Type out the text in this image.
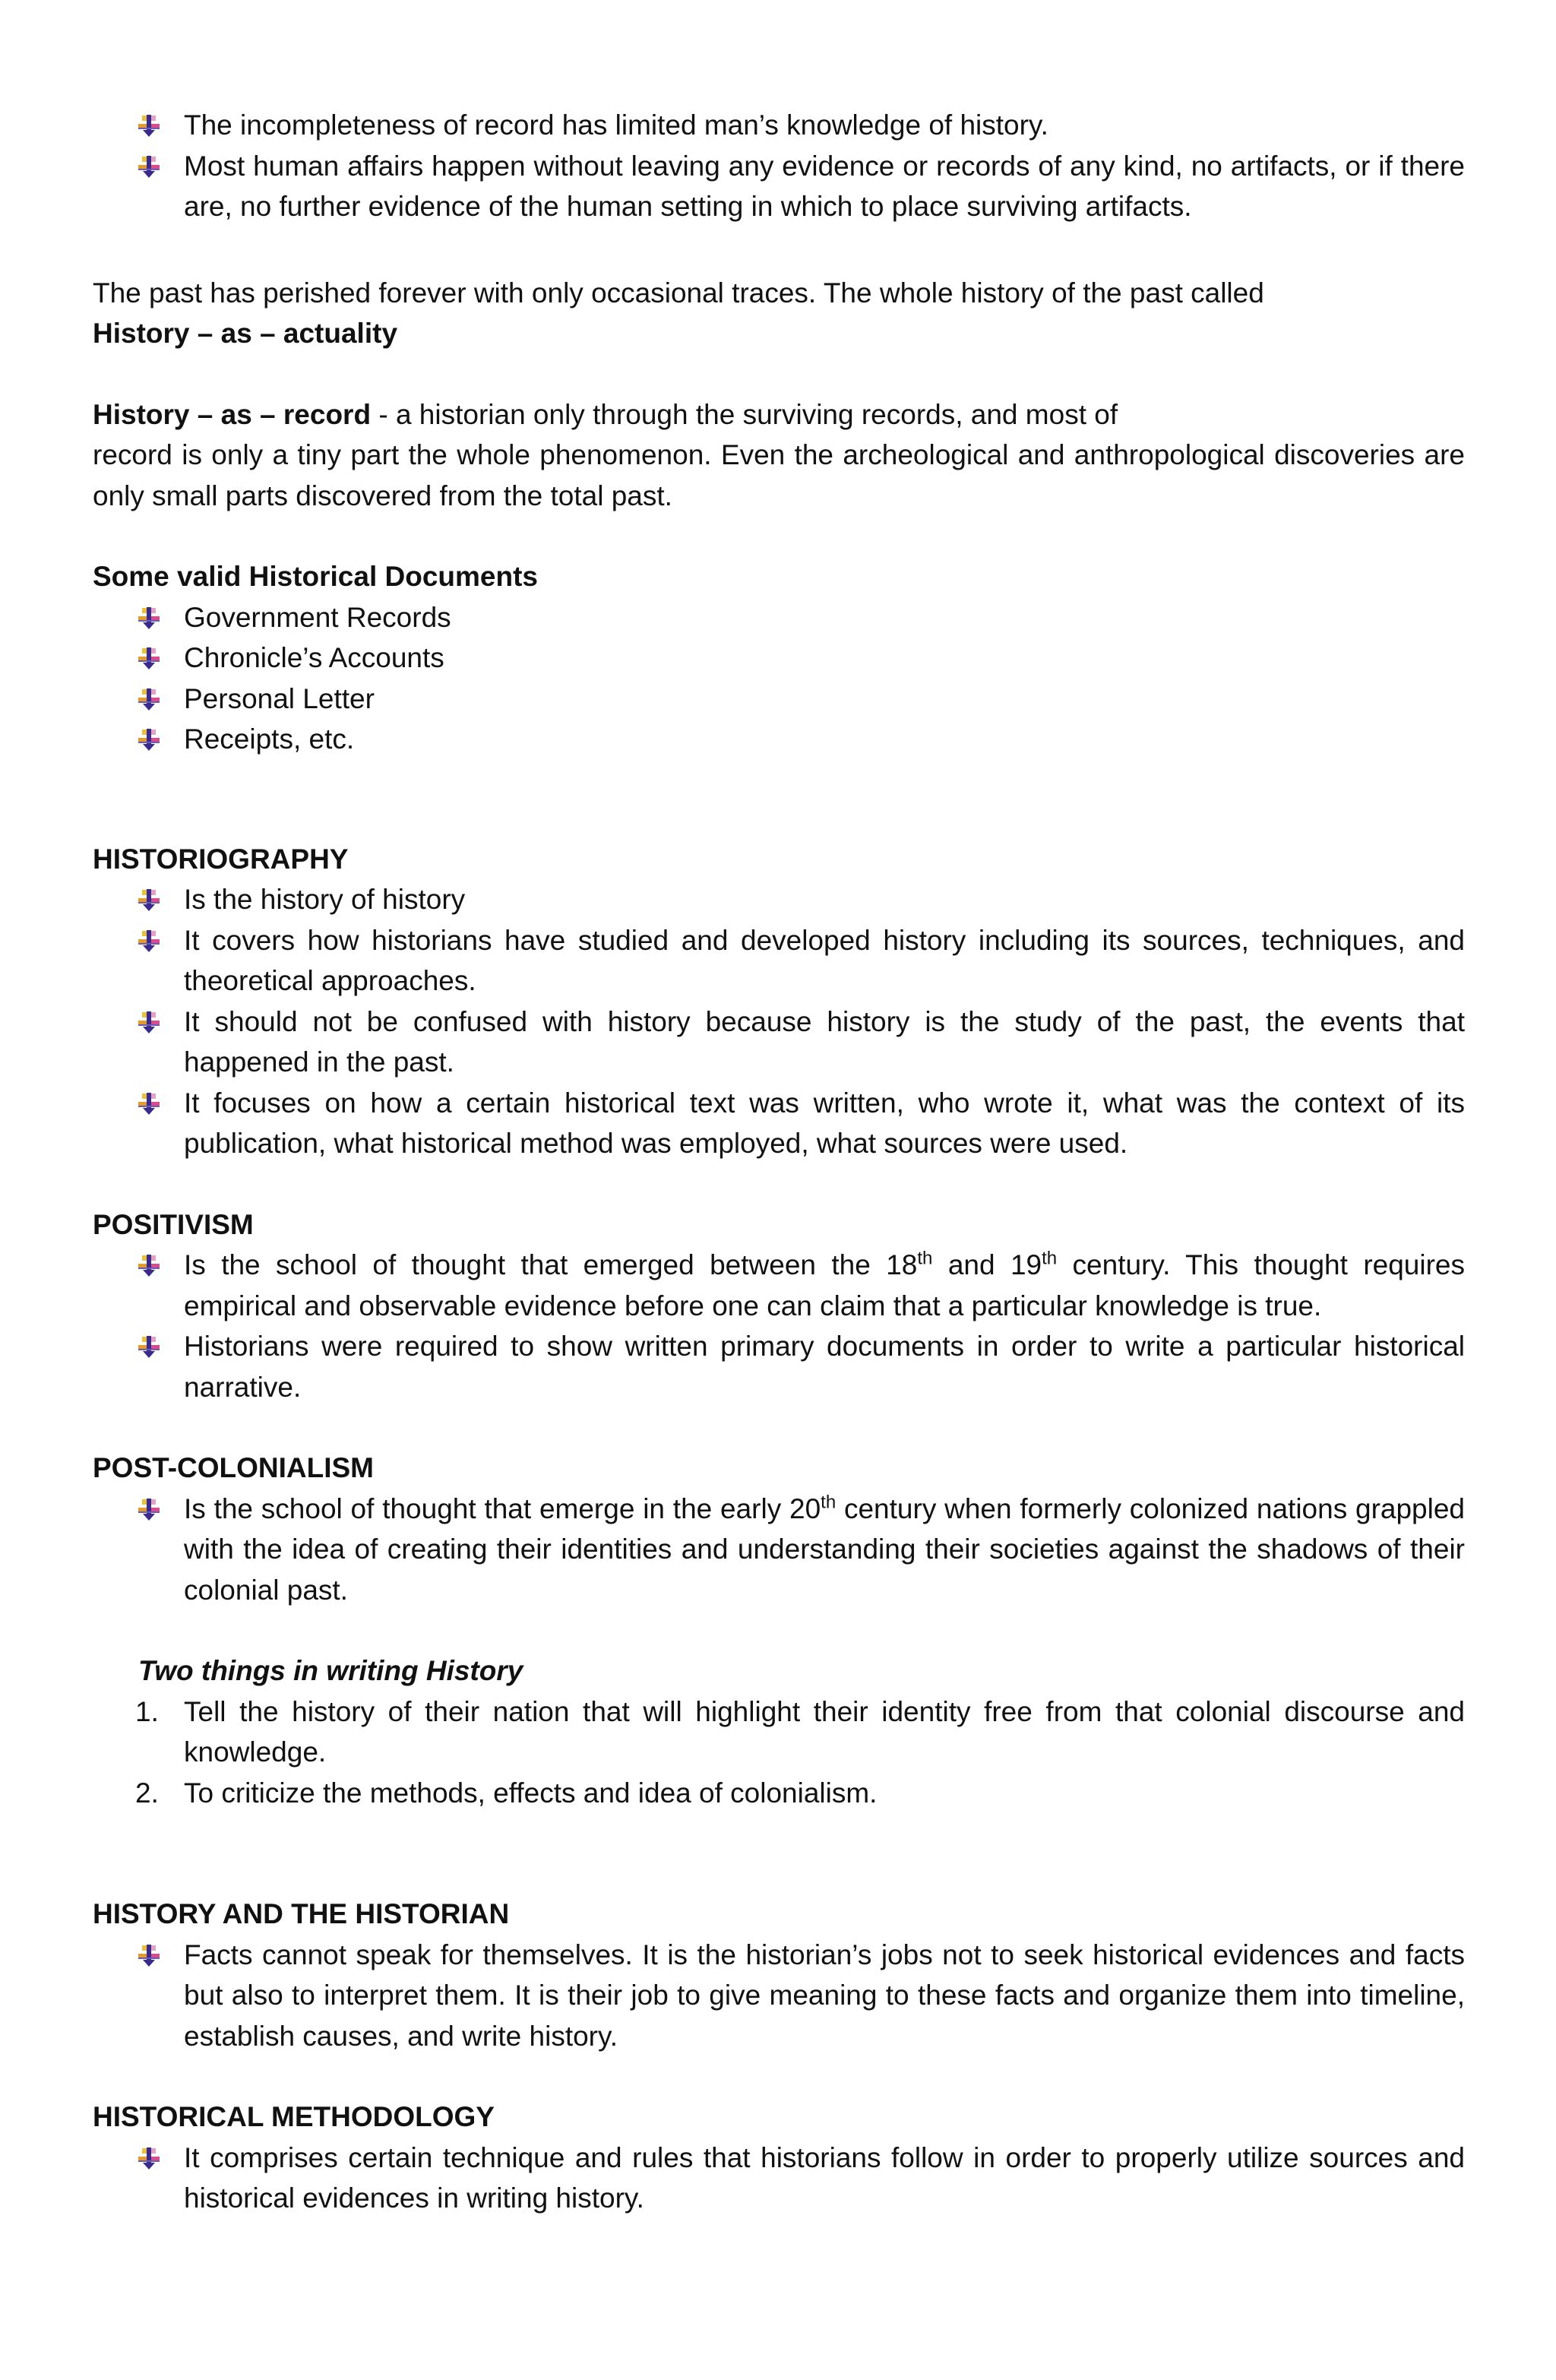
The incompleteness of record has limited man’s knowledge of history.
Most human affairs happen without leaving any evidence or records of any kind, no artifacts, or if there are, no further evidence of the human setting in which to place surviving artifacts.

The past has perished forever with only occasional traces. The whole history of the past called
History – as – actuality

History – as – record - a historian only through the surviving records, and most of
record is only a tiny part the whole phenomenon. Even the archeological and anthropological discoveries are only small parts discovered from the total past.

Some valid Historical Documents

Government Records
Chronicle’s Accounts
Personal Letter
Receipts, etc.

HISTORIOGRAPHY

Is the history of history
It covers how historians have studied and developed history including its sources, techniques, and theoretical approaches.
It should not be confused with history because history is the study of the past, the events that happened in the past.
It focuses on how a certain historical text was written, who wrote it, what was the context of its publication, what historical method was employed, what sources were used.

POSITIVISM

Is the school of thought that emerged between the 18th and 19th century. This thought requires empirical and observable evidence before one can claim that a particular knowledge is true.
Historians were required to show written primary documents in order to write a particular historical narrative.

POST-COLONIALISM

Is the school of thought that emerge in the early 20th century when formerly colonized nations grappled with the idea of creating their identities and understanding their societies against the shadows of their colonial past.

Two things in writing History

1. Tell the history of their nation that will highlight their identity free from that colonial discourse and knowledge.
2. To criticize the methods, effects and idea of colonialism.

HISTORY AND THE HISTORIAN

Facts cannot speak for themselves. It is the historian’s jobs not to seek historical evidences and facts but also to interpret them. It is their job to give meaning to these facts and organize them into timeline, establish causes, and write history.

HISTORICAL METHODOLOGY

It comprises certain technique and rules that historians follow in order to properly utilize sources and historical evidences in writing history.
